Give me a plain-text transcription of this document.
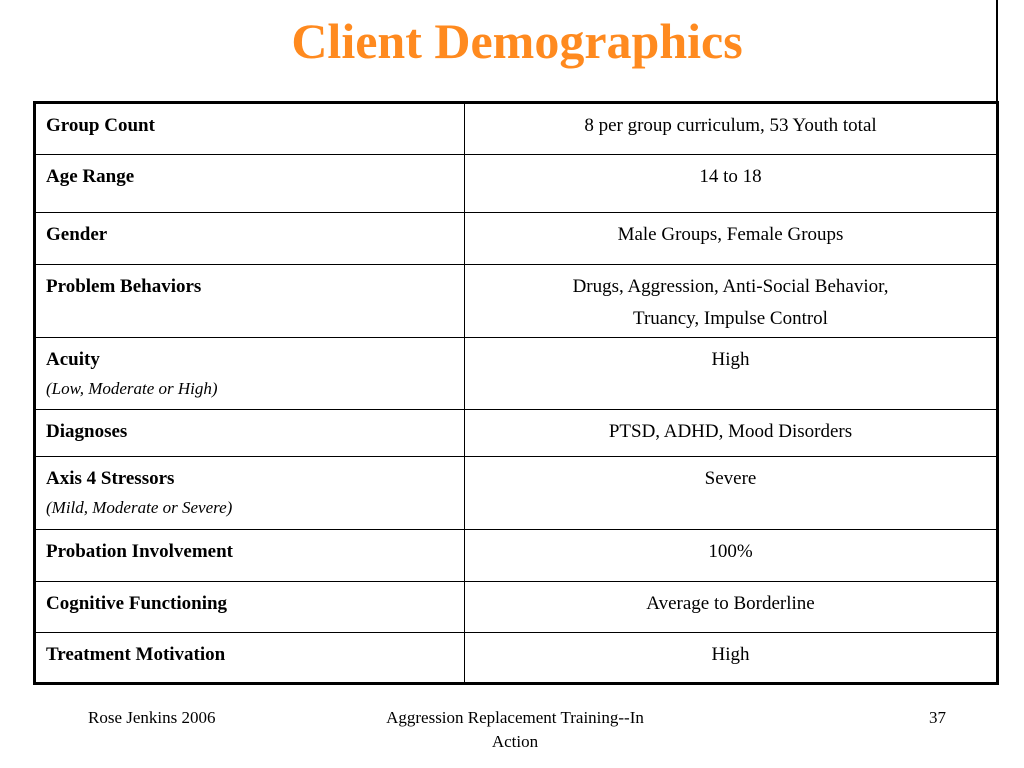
Client Demographics
Group Count	8 per group curriculum, 53 Youth total
Age Range	14 to 18
Gender	Male Groups, Female Groups
Problem Behaviors	Drugs, Aggression, Anti-Social Behavior,
Truancy, Impulse Control
Acuity
(Low, Moderate or High)	High
Diagnoses	PTSD, ADHD, Mood Disorders
Axis 4 Stressors
(Mild, Moderate or Severe)	Severe
Probation Involvement	100%
Cognitive Functioning	Average to Borderline
Treatment Motivation	High
Rose Jenkins 2006	Aggression Replacement Training--In
Action
37
